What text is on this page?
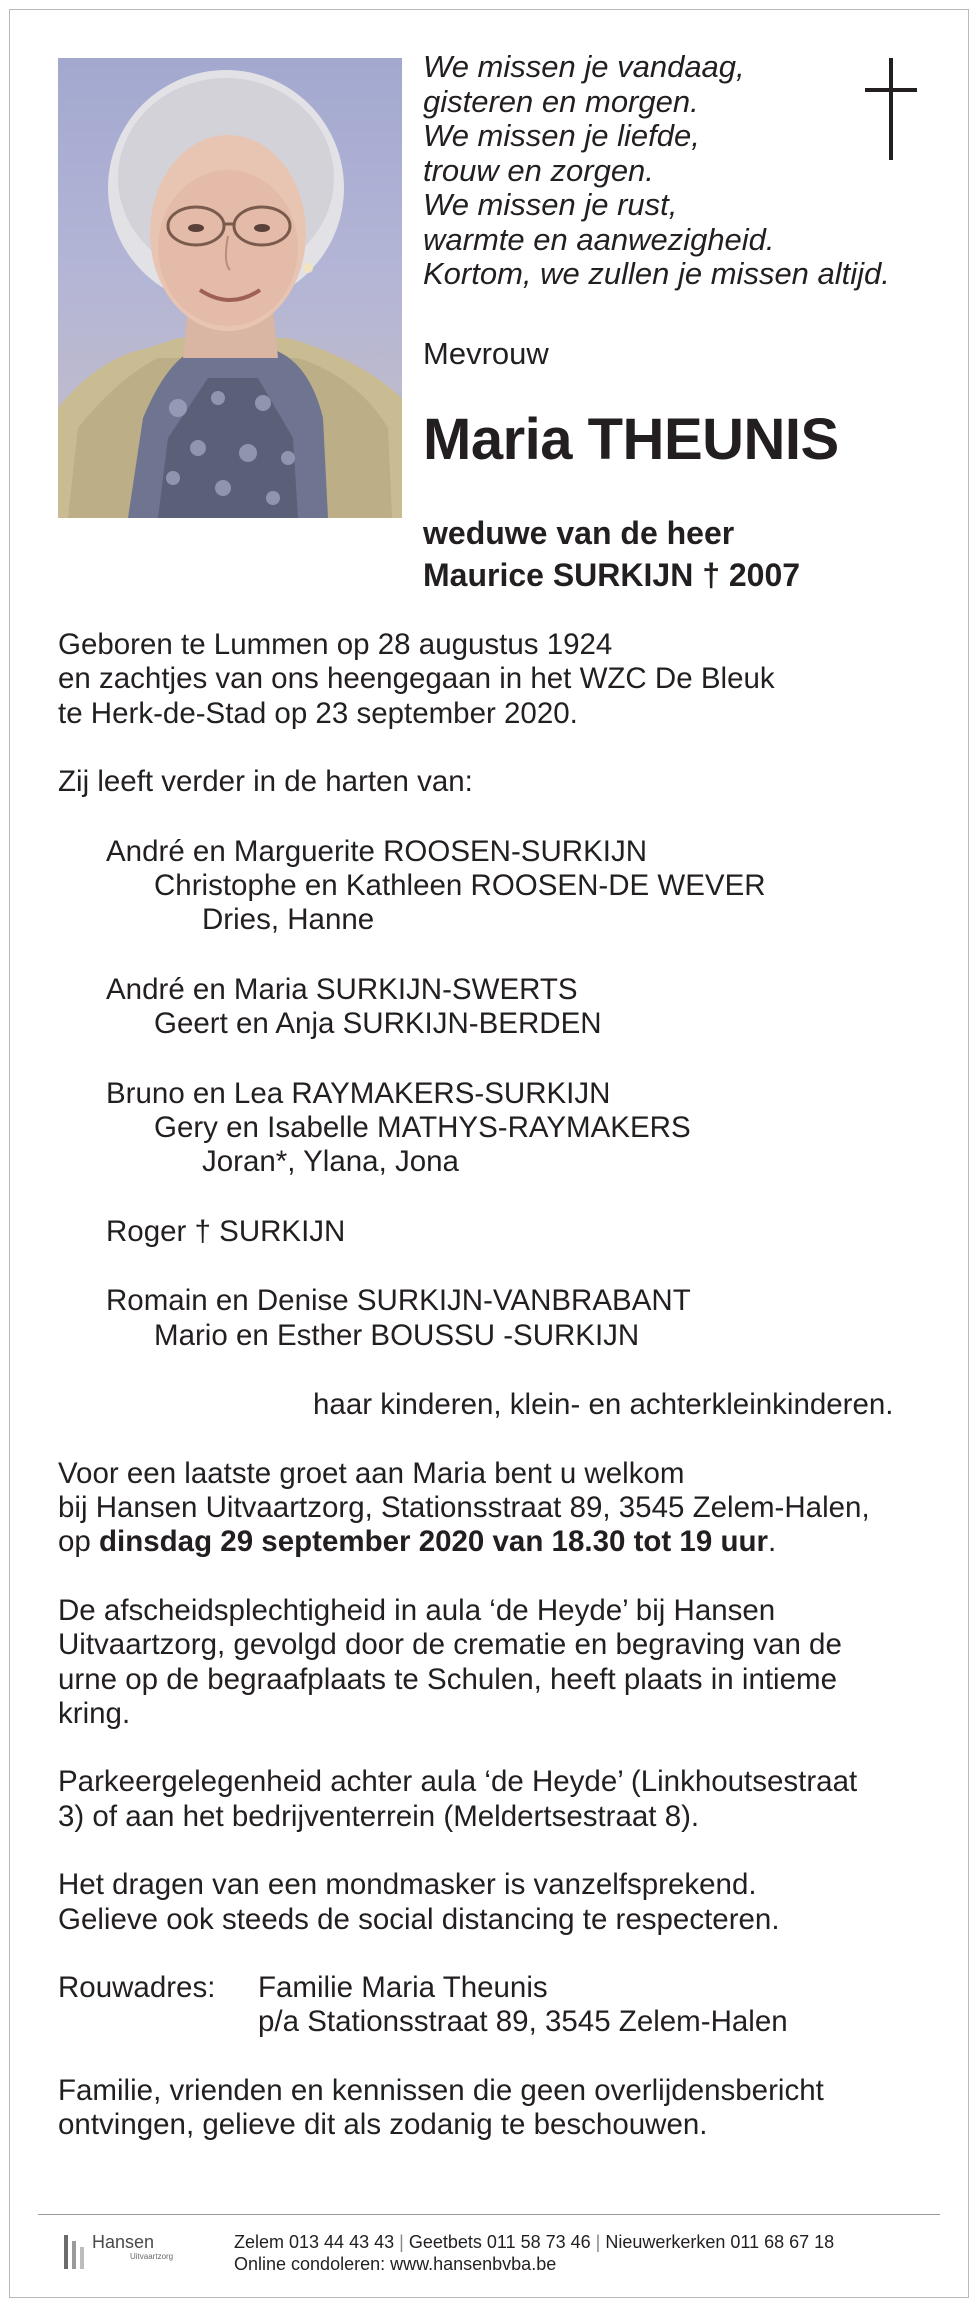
We missen je vandaag,
gisteren en morgen.
We missen je liefde,
trouw en zorgen.
We missen je rust,
warmte en aanwezigheid.
Kortom, we zullen je missen altijd.
Mevrouw
Maria THEUNIS
weduwe van de heer
Maurice SURKIJN † 2007

Geboren te Lummen op 28 augustus 1924

en zachtjes van ons heengegaan in het WZC De Bleuk

te Herk-de-Stad op 23 september 2020.

Zij leeft verder in de harten van:

André en Marguerite ROOSEN-SURKIJN

Christophe en Kathleen ROOSEN-DE WEVER

Dries, Hanne

André en Maria SURKIJN-SWERTS

Geert en Anja SURKIJN-BERDEN

Bruno en Lea RAYMAKERS-SURKIJN

Gery en Isabelle MATHYS-RAYMAKERS

Joran*, Ylana, Jona

Roger † SURKIJN

Romain en Denise SURKIJN-VANBRABANT

Mario en Esther BOUSSU -SURKIJN

haar kinderen, klein- en achterkleinkinderen.

Voor een laatste groet aan Maria bent u welkom

bij Hansen Uitvaartzorg, Stationsstraat 89, 3545 Zelem-Halen,

op dinsdag 29 september 2020 van 18.30 tot 19 uur.

De afscheidsplechtigheid in aula ‘de Heyde’ bij Hansen

Uitvaartzorg, gevolgd door de crematie en begraving van de

urne op de begraafplaats te Schulen, heeft plaats in intieme

kring.

Parkeergelegenheid achter aula ‘de Heyde’ (Linkhoutsestraat

3) of aan het bedrijventerrein (Meldertsestraat 8).

Het dragen van een mondmasker is vanzelfsprekend.

Gelieve ook steeds de social distancing te respecteren.

Rouwadres: Familie Maria Theunis

p/a Stationsstraat 89, 3545 Zelem-Halen

Familie, vrienden en kennissen die geen overlijdensbericht

ontvingen, gelieve dit als zodanig te beschouwen.

Hansen
Uitvaartzorg
Zelem 013 44 43 43 | Geetbets 011 58 73 46 | Nieuwerkerken 011 68 67 18
Online condoleren: www.hansenbvba.be
